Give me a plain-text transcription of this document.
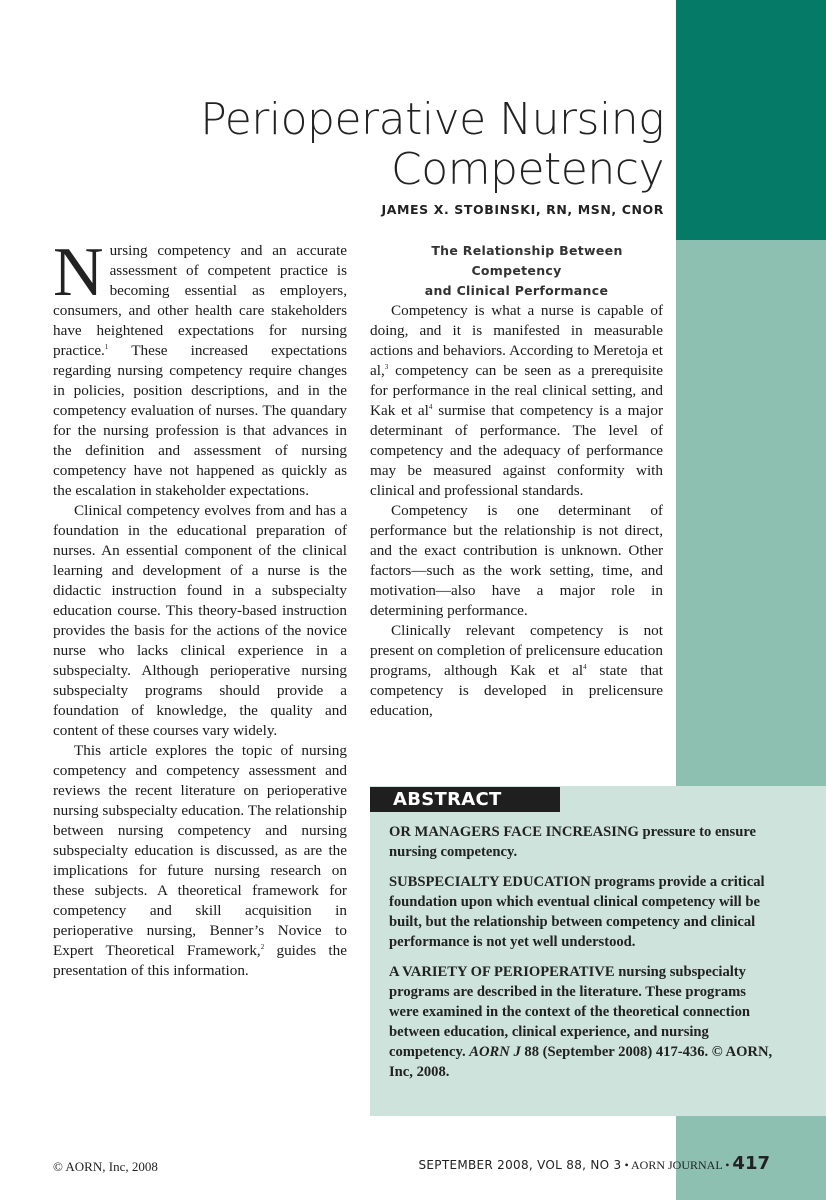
Perioperative Nursing
Competency

JAMES X. STOBINSKI, RN, MSN, CNOR

Nursing competency and an accurate assessment of competent practice is becoming essential as employers, consumers, and other health care stakeholders have heightened expectations for nursing practice.$^1$ These increased expectations regarding nursing competency require changes in policies, position descriptions, and in the competency evaluation of nurses. The quandary for the nursing profession is that advances in the definition and assessment of nursing competency have not happened as quickly as the escalation in stakeholder expectations.

Clinical competency evolves from and has a foundation in the educational preparation of nurses. An essential component of the clinical learning and development of a nurse is the didactic instruction found in a subspecialty education course. This theory-based instruction provides the basis for the actions of the novice nurse who lacks clinical experience in a subspecialty. Although perioperative nursing subspecialty programs should provide a foundation of knowledge, the quality and content of these courses vary widely.

This article explores the topic of nursing competency and competency assessment and reviews the recent literature on perioperative nursing subspecialty education. The relationship between nursing competency and nursing subspecialty education is discussed, as are the implications for future nursing research on these subjects. A theoretical framework for competency and skill acquisition in perioperative nursing, Benner’s Novice to Expert Theoretical Framework,$^2$ guides the presentation of this information.

The Relationship Between Competency
and Clinical Performance

Competency is what a nurse is capable of doing, and it is manifested in measurable actions and behaviors. According to Meretoja et al,$^3$ competency can be seen as a prerequisite for performance in the real clinical setting, and Kak et $al^4$ surmise that competency is a major determinant of performance. The level of competency and the adequacy of performance may be measured against conformity with clinical and professional standards.

Competency is one determinant of performance but the relationship is not direct, and the exact contribution is unknown. Other factors—such as the work setting, time, and motivation—also have a major role in determining performance.

Clinically relevant competency is not present on completion of prelicensure education programs, although Kak et $al^4$ state that competency is developed in prelicensure education,

ABSTRACT

OR MANAGERS FACE INCREASING pressure to ensure nursing competency.

SUBSPECIALTY EDUCATION programs provide a critical foundation upon which eventual clinical competency will be built, but the relationship between competency and clinical performance is not yet well understood.

A VARIETY OF PERIOPERATIVE nursing subspecialty programs are described in the literature. These programs were examined in the context of the theoretical connection between education, clinical experience, and nursing competency. AORN J 88 (September 2008) 417-436. © AORN, Inc, 2008.

© AORN, Inc, 2008	SEPTEMBER 2008, VOL 88, NO 3 • AORN JOURNAL • 417
